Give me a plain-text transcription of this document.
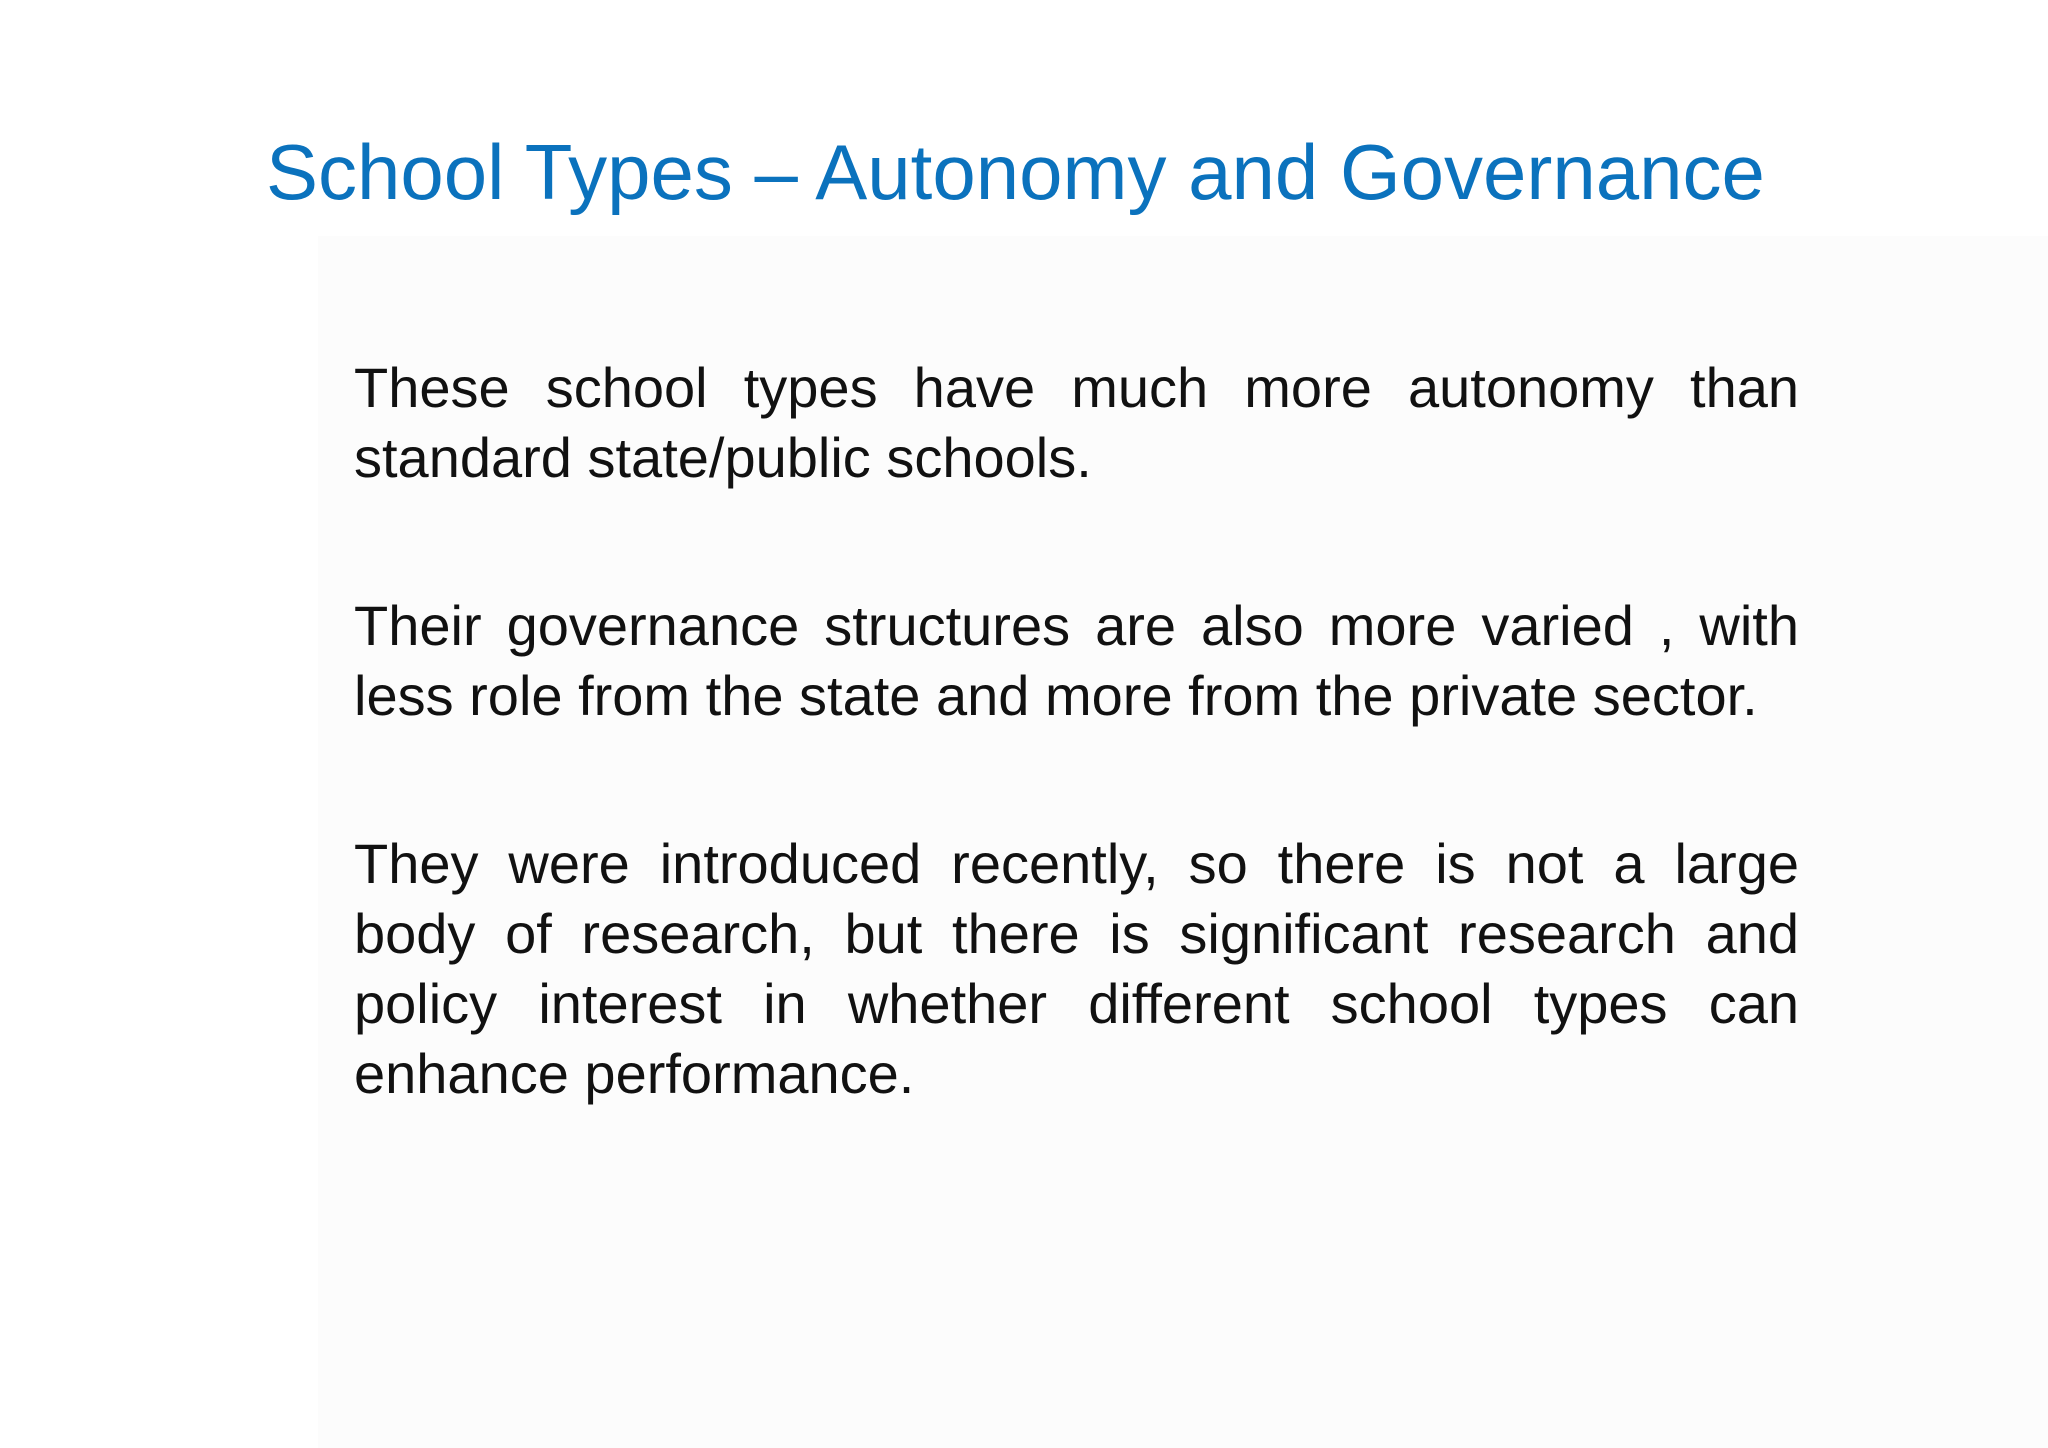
School Types – Autonomy and Governance

These school types have much more autonomy than standard state/public schools.

Their governance structures are also more varied , with less role from the state and more from the private sector.

They were introduced recently, so there is not a large body of research, but there is significant research and policy interest in whether different school types can enhance performance.
